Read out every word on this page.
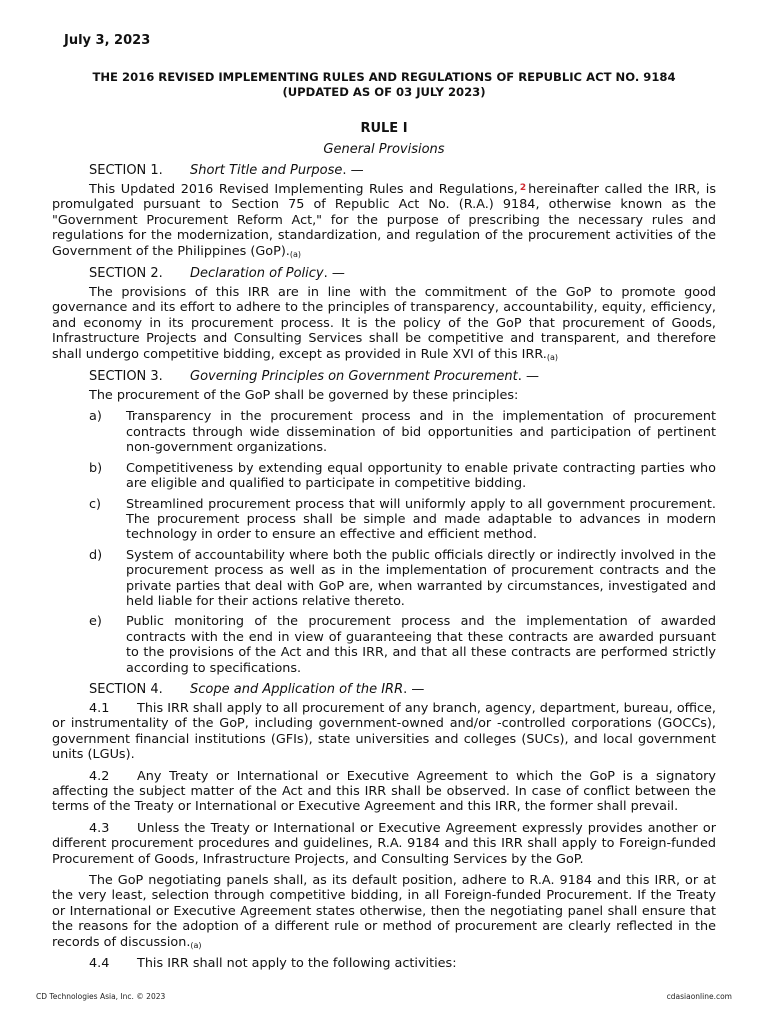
July 3, 2023
THE 2016 REVISED IMPLEMENTING RULES AND REGULATIONS OF REPUBLIC ACT NO. 9184
(UPDATED AS OF 03 JULY 2023)
RULE I
General Provisions
SECTION 1. Short Title and Purpose. —

This Updated 2016 Revised Implementing Rules and Regulations, $^2$ hereinafter called the IRR, is promulgated pursuant to Section 75 of Republic Act No. (R.A.) 9184, otherwise known as the "Government Procurement Reform Act," for the purpose of prescribing the necessary rules and regulations for the modernization, standardization, and regulation of the procurement activities of the Government of the Philippines $(GoP)._{(a)}$

SECTION 2. Declaration of Policy. —

The provisions of this IRR are in line with the commitment of the GoP to promote good governance and its effort to adhere to the principles of transparency, accountability, equity, efficiency, and economy in its procurement process. It is the policy of the GoP that procurement of Goods, Infrastructure Projects and Consulting Services shall be competitive and transparent, and therefore shall undergo competitive bidding, except as provided in Rule XVI of this $IRR._{(a)}$

SECTION 3. Governing Principles on Government Procurement. —

The procurement of the GoP shall be governed by these principles:

a) Transparency in the procurement process and in the implementation of procurement contracts through wide dissemination of bid opportunities and participation of pertinent non-government organizations.
b) Competitiveness by extending equal opportunity to enable private contracting parties who are eligible and qualified to participate in competitive bidding.
c) Streamlined procurement process that will uniformly apply to all government procurement. The procurement process shall be simple and made adaptable to advances in modern technology in order to ensure an effective and efficient method.
d) System of accountability where both the public officials directly or indirectly involved in the procurement process as well as in the implementation of procurement contracts and the private parties that deal with GoP are, when warranted by circumstances, investigated and held liable for their actions relative thereto.
e) Public monitoring of the procurement process and the implementation of awarded contracts with the end in view of guaranteeing that these contracts are awarded pursuant to the provisions of the Act and this IRR, and that all these contracts are performed strictly according to specifications.
SECTION 4. Scope and Application of the IRR. —

4.1 This IRR shall apply to all procurement of any branch, agency, department, bureau, office, or instrumentality of the GoP, including government-owned and/or -controlled corporations (GOCCs), government financial institutions (GFIs), state universities and colleges (SUCs), and local government units (LGUs).

4.2 Any Treaty or International or Executive Agreement to which the GoP is a signatory affecting the subject matter of the Act and this IRR shall be observed. In case of conflict between the terms of the Treaty or International or Executive Agreement and this IRR, the former shall prevail.

4.3 Unless the Treaty or International or Executive Agreement expressly provides another or different procurement procedures and guidelines, R.A. 9184 and this IRR shall apply to Foreign-funded Procurement of Goods, Infrastructure Projects, and Consulting Services by the GoP.

The GoP negotiating panels shall, as its default position, adhere to R.A. 9184 and this IRR, or at the very least, selection through competitive bidding, in all Foreign-funded Procurement. If the Treaty or International or Executive Agreement states otherwise, then the negotiating panel shall ensure that the reasons for the adoption of a different rule or method of procurement are clearly reflected in the records of $discussion._{(a)}$

4.4 This IRR shall not apply to the following activities:

CD Technologies Asia, Inc. © 2023	cdasiaonline.com
